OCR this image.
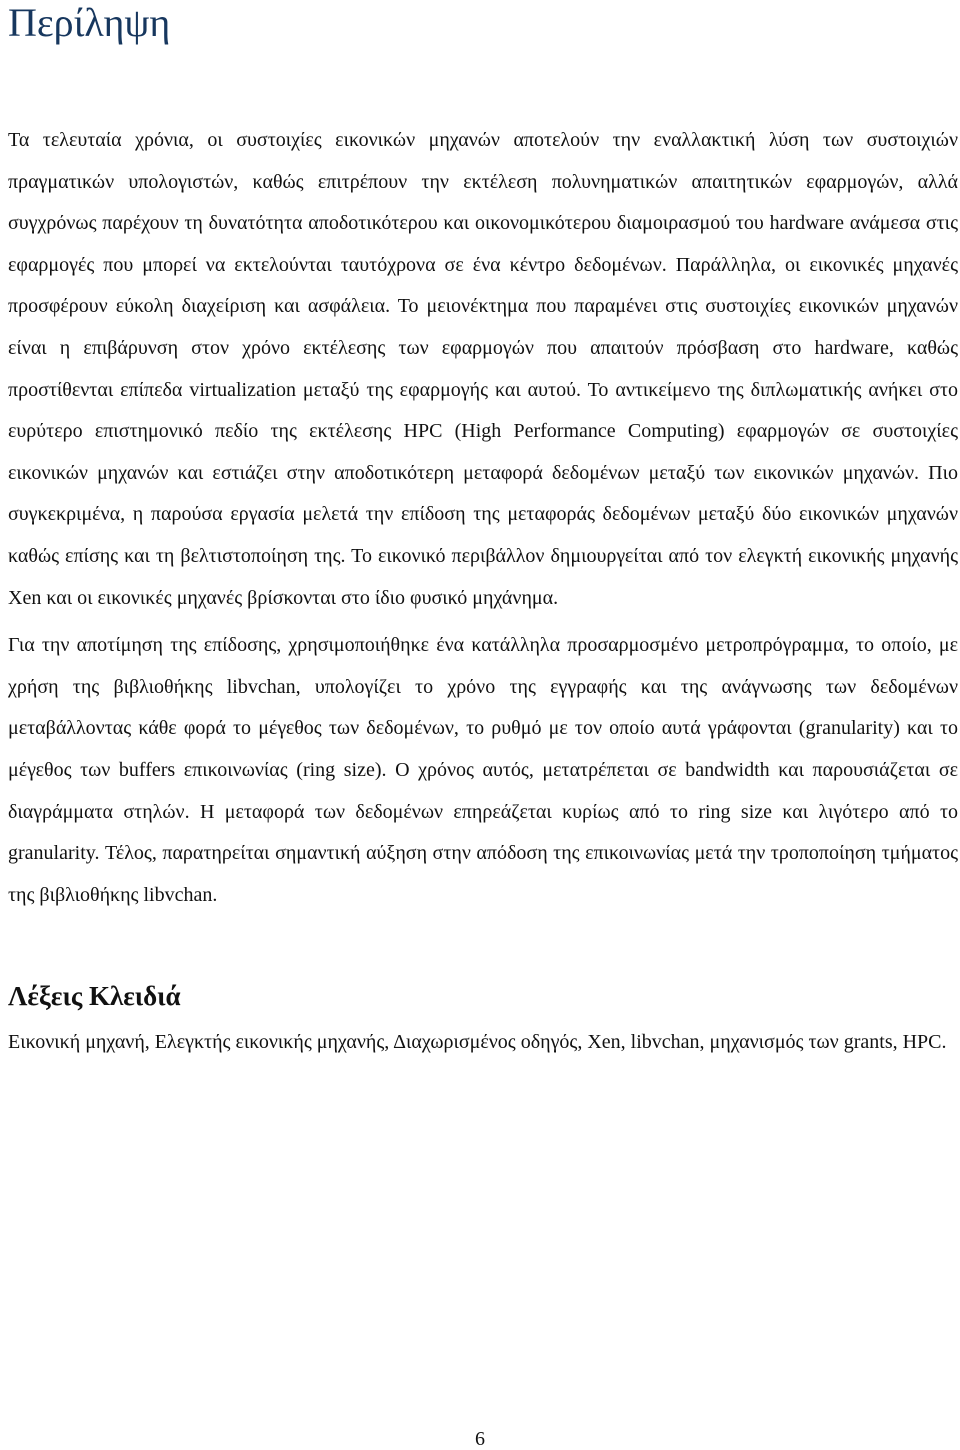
Περίληψη

Τα τελευταία χρόνια, οι συστοιχίες εικονικών μηχανών αποτελούν την εναλλακτική λύση των συστοιχιών πραγματικών υπολογιστών, καθώς επιτρέπουν την εκτέλεση πολυνηματικών απαιτητικών εφαρμογών, αλλά συγχρόνως παρέχουν τη δυνατότητα αποδοτικότερου και οικονομικότερου διαμοιρασμού του hardware ανάμεσα στις εφαρμογές που μπορεί να εκτελούνται ταυτόχρονα σε ένα κέντρο δεδομένων. Παράλληλα, οι εικονικές μηχανές προσφέρουν εύκολη διαχείριση και ασφάλεια. Το μειονέκτημα που παραμένει στις συστοιχίες εικονικών μηχανών είναι η επιβάρυνση στον χρόνο εκτέλεσης των εφαρμογών που απαιτούν πρόσβαση στο hardware, καθώς προστίθενται επίπεδα virtualization μεταξύ της εφαρμογής και αυτού. Το αντικείμενο της διπλωματικής ανήκει στο ευρύτερο επιστημονικό πεδίο της εκτέλεσης HPC (High Performance Computing) εφαρμογών σε συστοιχίες εικονικών μηχανών και εστιάζει στην αποδοτικότερη μεταφορά δεδομένων μεταξύ των εικονικών μηχανών. Πιο συγκεκριμένα, η παρούσα εργασία μελετά την επίδοση της μεταφοράς δεδομένων μεταξύ δύο εικονικών μηχανών καθώς επίσης και τη βελτιστοποίηση της. Το εικονικό περιβάλλον δημιουργείται από τον ελεγκτή εικονικής μηχανής Xen και οι εικονικές μηχανές βρίσκονται στο ίδιο φυσικό μηχάνημα.

Για την αποτίμηση της επίδοσης, χρησιμοποιήθηκε ένα κατάλληλα προσαρμοσμένο μετροπρόγραμμα, το οποίο, με χρήση της βιβλιοθήκης libvchan, υπολογίζει το χρόνο της εγγραφής και της ανάγνωσης των δεδομένων μεταβάλλοντας κάθε φορά το μέγεθος των δεδομένων, το ρυθμό με τον οποίο αυτά γράφονται (granularity) και το μέγεθος των buffers επικοινωνίας (ring size). Ο χρόνος αυτός, μετατρέπεται σε bandwidth και παρουσιάζεται σε διαγράμματα στηλών. Η μεταφορά των δεδομένων επηρεάζεται κυρίως από το ring size και λιγότερο από το granularity. Τέλος, παρατηρείται σημαντική αύξηση στην απόδοση της επικοινωνίας μετά την τροποποίηση τμήματος της βιβλιοθήκης libvchan.

Λέξεις Κλειδιά

Εικονική μηχανή, Ελεγκτής εικονικής μηχανής, Διαχωρισμένος οδηγός, Xen, libvchan, μηχανισμός των grants, HPC.

6
